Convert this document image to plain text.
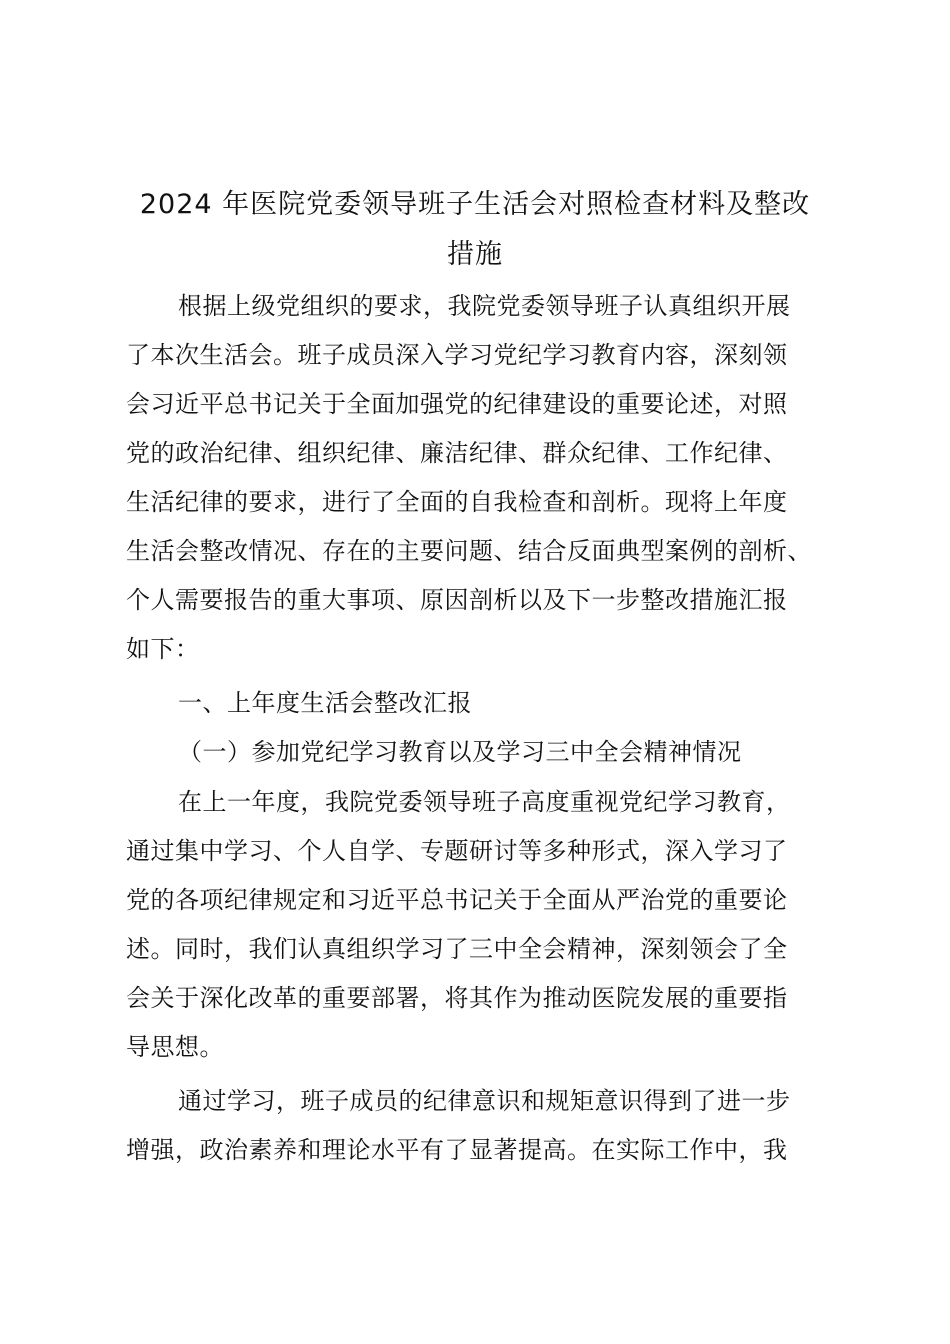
2024 年医院党委领导班子生活会对照检查材料及整改
措施
根据上级党组织的要求，我院党委领导班子认真组织开展
了本次生活会。班子成员深入学习党纪学习教育内容，深刻领
会习近平总书记关于全面加强党的纪律建设的重要论述，对照
党的政治纪律、组织纪律、廉洁纪律、群众纪律、工作纪律、
生活纪律的要求，进行了全面的自我检查和剖析。现将上年度
生活会整改情况、存在的主要问题、结合反面典型案例的剖析、
个人需要报告的重大事项、原因剖析以及下一步整改措施汇报
如下：
一、上年度生活会整改汇报
（一）参加党纪学习教育以及学习三中全会精神情况
在上一年度，我院党委领导班子高度重视党纪学习教育，
通过集中学习、个人自学、专题研讨等多种形式，深入学习了
党的各项纪律规定和习近平总书记关于全面从严治党的重要论
述。同时，我们认真组织学习了三中全会精神，深刻领会了全
会关于深化改革的重要部署，将其作为推动医院发展的重要指
导思想。
通过学习，班子成员的纪律意识和规矩意识得到了进一步
增强，政治素养和理论水平有了显著提高。在实际工作中，我
